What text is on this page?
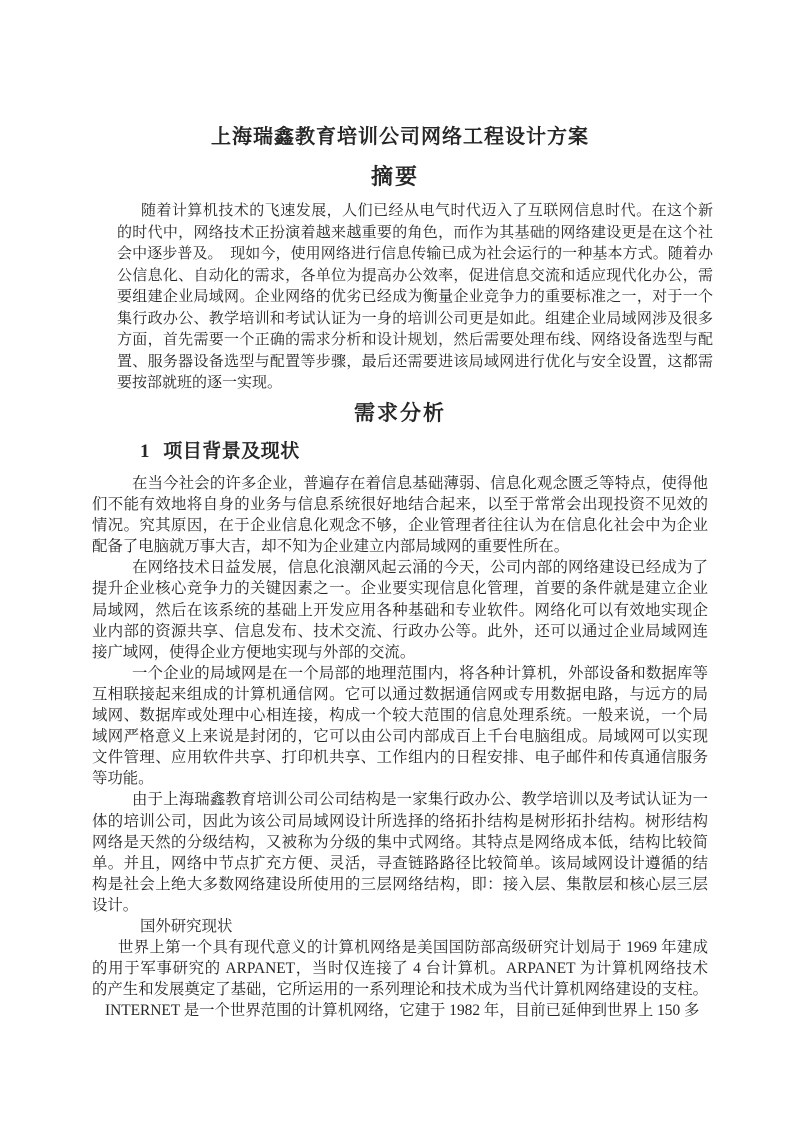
上海瑞鑫教育培训公司网络工程设计方案
摘要
随着计算机技术的飞速发展，人们已经从电气时代迈入了互联网信息时代。在这个新
的时代中，网络技术正扮演着越来越重要的角色，而作为其基础的网络建设更是在这个社
会中逐步普及。　现如今，使用网络进行信息传输已成为社会运行的一种基本方式。随着办
公信息化、自动化的需求，各单位为提高办公效率，促进信息交流和适应现代化办公，需
要组建企业局域网。企业网络的优劣已经成为衡量企业竞争力的重要标准之一，对于一个
集行政办公、教学培训和考试认证为一身的培训公司更是如此。组建企业局域网涉及很多
方面，首先需要一个正确的需求分析和设计规划，然后需要处理布线、网络设备选型与配
置、服务器设备选型与配置等步骤，最后还需要进该局域网进行优化与安全设置，这都需
要按部就班的逐一实现。
需求分析
1 项目背景及现状
在当今社会的许多企业，普遍存在着信息基础薄弱、信息化观念匮乏等特点，使得他
们不能有效地将自身的业务与信息系统很好地结合起来，以至于常常会出现投资不见效的
情况。究其原因，在于企业信息化观念不够，企业管理者往往认为在信息化社会中为企业
配备了电脑就万事大吉，却不知为企业建立内部局域网的重要性所在。
在网络技术日益发展，信息化浪潮风起云涌的今天，公司内部的网络建设已经成为了
提升企业核心竞争力的关键因素之一。企业要实现信息化管理，首要的条件就是建立企业
局域网，然后在该系统的基础上开发应用各种基础和专业软件。网络化可以有效地实现企
业内部的资源共享、信息发布、技术交流、行政办公等。此外，还可以通过企业局域网连
接广域网，使得企业方便地实现与外部的交流。
一个企业的局域网是在一个局部的地理范围内，将各种计算机，外部设备和数据库等
互相联接起来组成的计算机通信网。它可以通过数据通信网或专用数据电路，与远方的局
域网、数据库或处理中心相连接，构成一个较大范围的信息处理系统。一般来说，一个局
域网严格意义上来说是封闭的，它可以由公司内部成百上千台电脑组成。局域网可以实现
文件管理、应用软件共享、打印机共享、工作组内的日程安排、电子邮件和传真通信服务
等功能。
由于上海瑞鑫教育培训公司公司结构是一家集行政办公、教学培训以及考试认证为一
体的培训公司，因此为该公司局域网设计所选择的络拓扑结构是树形拓扑结构。树形结构
网络是天然的分级结构，又被称为分级的集中式网络。其特点是网络成本低，结构比较简
单。并且，网络中节点扩充方便、灵活，寻查链路路径比较简单。该局域网设计遵循的结
构是社会上绝大多数网络建设所使用的三层网络结构，即：接入层、集散层和核心层三层
设计。
国外研究现状
世界上第一个具有现代意义的计算机网络是美国国防部高级研究计划局于 1969 年建成
的用于军事研究的 ARPANET，当时仅连接了 4 台计算机。ARPANET 为计算机网络技术
的产生和发展奠定了基础，它所运用的一系列理论和技术成为当代计算机网络建设的支柱。
INTERNET 是一个世界范围的计算机网络，它建于 1982 年，目前已延伸到世界上 150 多
